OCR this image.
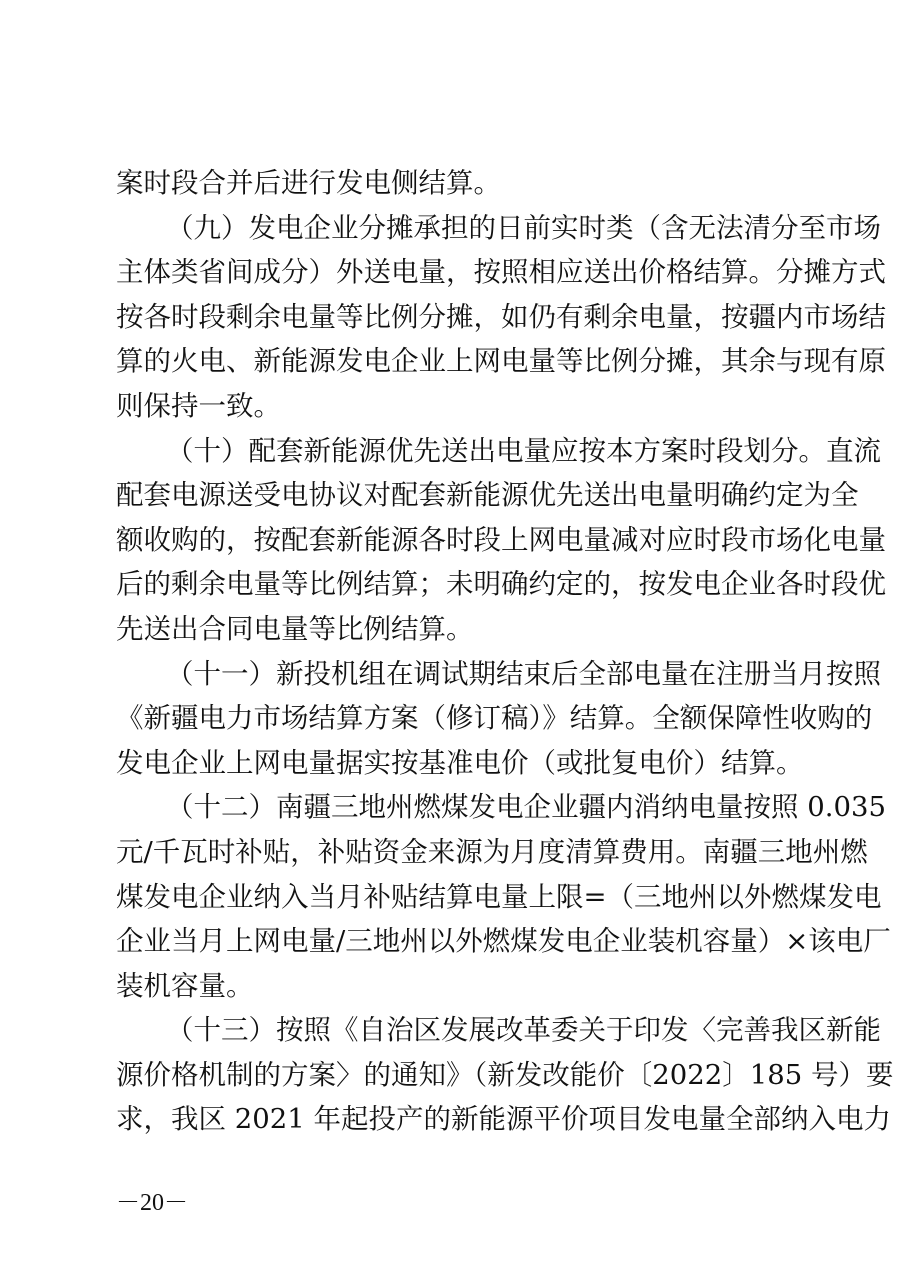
案时段合并后进行发电侧结算。
（九）发电企业分摊承担的日前实时类（含无法清分至市场
主体类省间成分）外送电量，按照相应送出价格结算。分摊方式
按各时段剩余电量等比例分摊，如仍有剩余电量，按疆内市场结
算的火电、新能源发电企业上网电量等比例分摊，其余与现有原
则保持一致。
（十）配套新能源优先送出电量应按本方案时段划分。直流
配套电源送受电协议对配套新能源优先送出电量明确约定为全
额收购的，按配套新能源各时段上网电量减对应时段市场化电量
后的剩余电量等比例结算；未明确约定的，按发电企业各时段优
先送出合同电量等比例结算。
（十一）新投机组在调试期结束后全部电量在注册当月按照
《新疆电力市场结算方案（修订稿）》结算。全额保障性收购的
发电企业上网电量据实按基准电价（或批复电价）结算。
（十二）南疆三地州燃煤发电企业疆内消纳电量按照 0.035
元/千瓦时补贴，补贴资金来源为月度清算费用。南疆三地州燃
煤发电企业纳入当月补贴结算电量上限=（三地州以外燃煤发电
企业当月上网电量/三地州以外燃煤发电企业装机容量）×该电厂
装机容量。
（十三）按照《自治区发展改革委关于印发〈完善我区新能
源价格机制的方案〉的通知》（新发改能价〔2022〕185 号）要
求，我区 2021 年起投产的新能源平价项目发电量全部纳入电力
－20－
